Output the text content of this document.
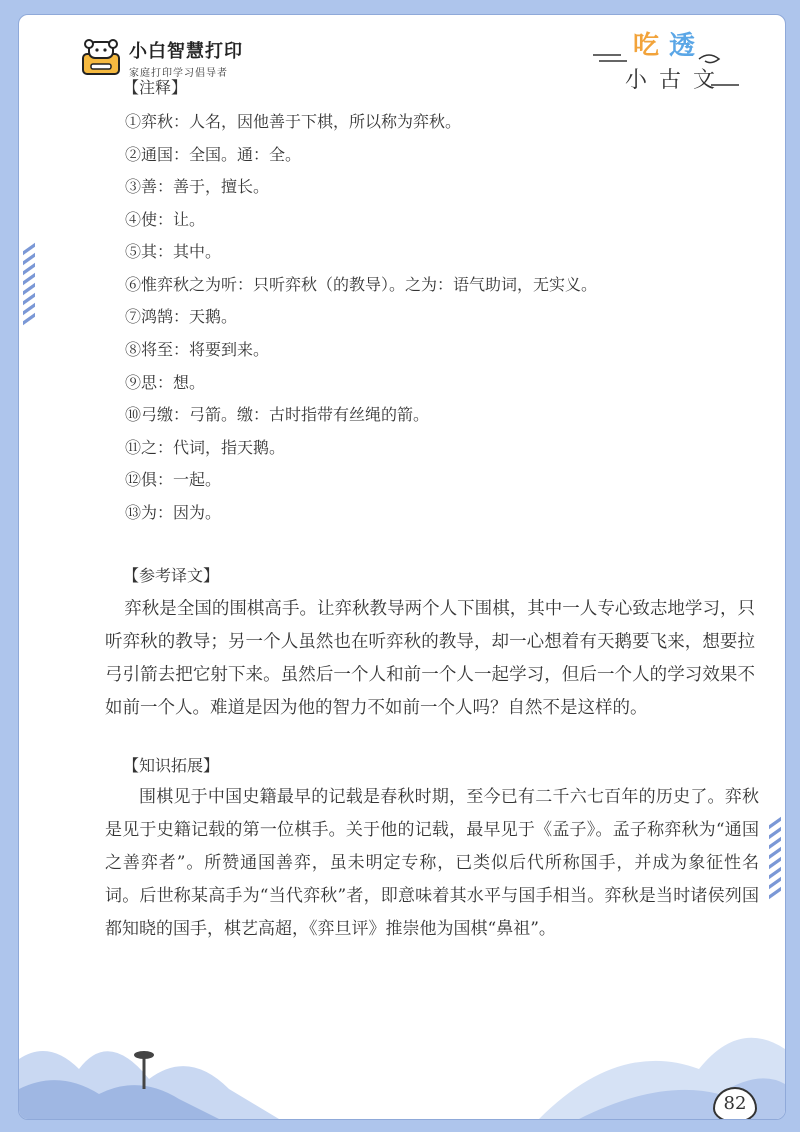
小白智慧打印
家庭打印学习倡导者
吃 透
小古文
【注释】
①弈秋：人名，因他善于下棋，所以称为弈秋。
②通国：全国。通：全。
③善：善于，擅长。
④使：让。
⑤其：其中。
⑥惟弈秋之为听：只听弈秋（的教导）。之为：语气助词，无实义。
⑦鸿鹄：天鹅。
⑧将至：将要到来。
⑨思：想。
⑩弓缴：弓箭。缴：古时指带有丝绳的箭。
⑪之：代词，指天鹅。
⑫俱：一起。
⑬为：因为。
【参考译文】
弈秋是全国的围棋高手。让弈秋教导两个人下围棋，其中一人专心致志地学习，只听弈秋的教导；另一个人虽然也在听弈秋的教导，却一心想着有天鹅要飞来，想要拉弓引箭去把它射下来。虽然后一个人和前一个人一起学习，但后一个人的学习效果不如前一个人。难道是因为他的智力不如前一个人吗？自然不是这样的。
【知识拓展】
围棋见于中国史籍最早的记载是春秋时期，至今已有二千六七百年的历史了。弈秋是见于史籍记载的第一位棋手。关于他的记载，最早见于《孟子》。孟子称弈秋为“通国之善弈者”。所赞通国善弈，虽未明定专称，已类似后代所称国手，并成为象征性名词。后世称某高手为“当代弈秋”者，即意味着其水平与国手相当。弈秋是当时诸侯列国都知晓的国手，棋艺高超，《弈旦评》推崇他为国棋“鼻祖”。
82
